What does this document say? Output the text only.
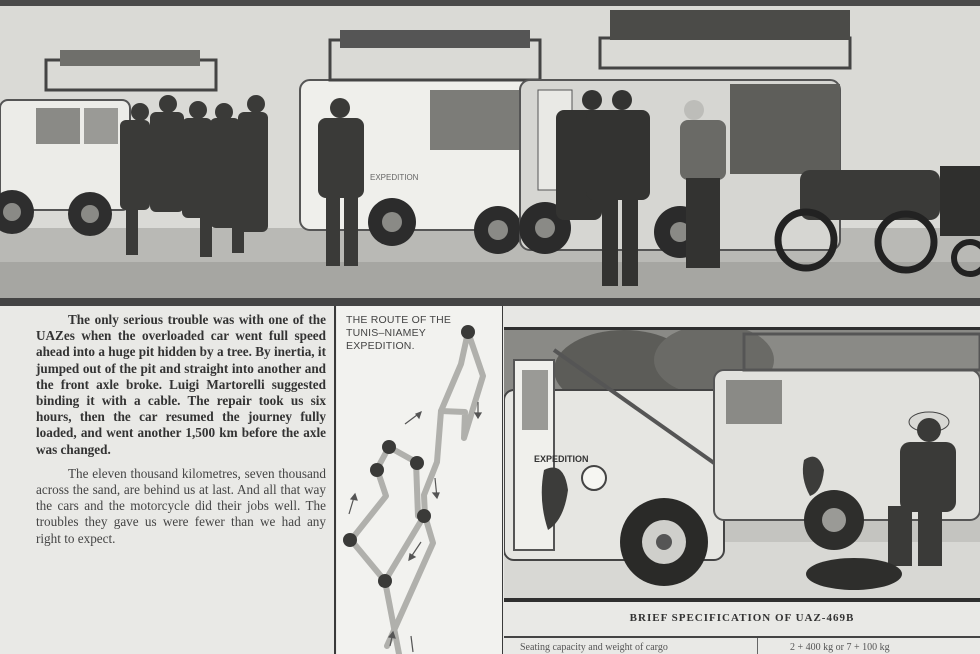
EXPEDITION

The only serious trouble was with one of the UAZes when the overloaded car went full speed ahead into a huge pit hidden by a tree. By inertia, it jumped out of the pit and straight into another and the front axle broke. Luigi Martorelli suggested binding it with a cable. The repair took us six hours, then the car resumed the journey fully loaded, and went another 1,500 km before the axle was changed.

The eleven thousand kilometres, seven thousand across the sand, are behind us at last. And all that way the cars and the motorcycle did their jobs well. The troubles they gave us were fewer than we had any right to expect.

THE ROUTE OF THE TUNIS–NIAMEY EXPEDITION.
EXPEDITION
BRIEF SPECIFICATION OF UAZ-469B
Seating capacity and weight of cargo	2 + 400 kg or 7 + 100 kg
